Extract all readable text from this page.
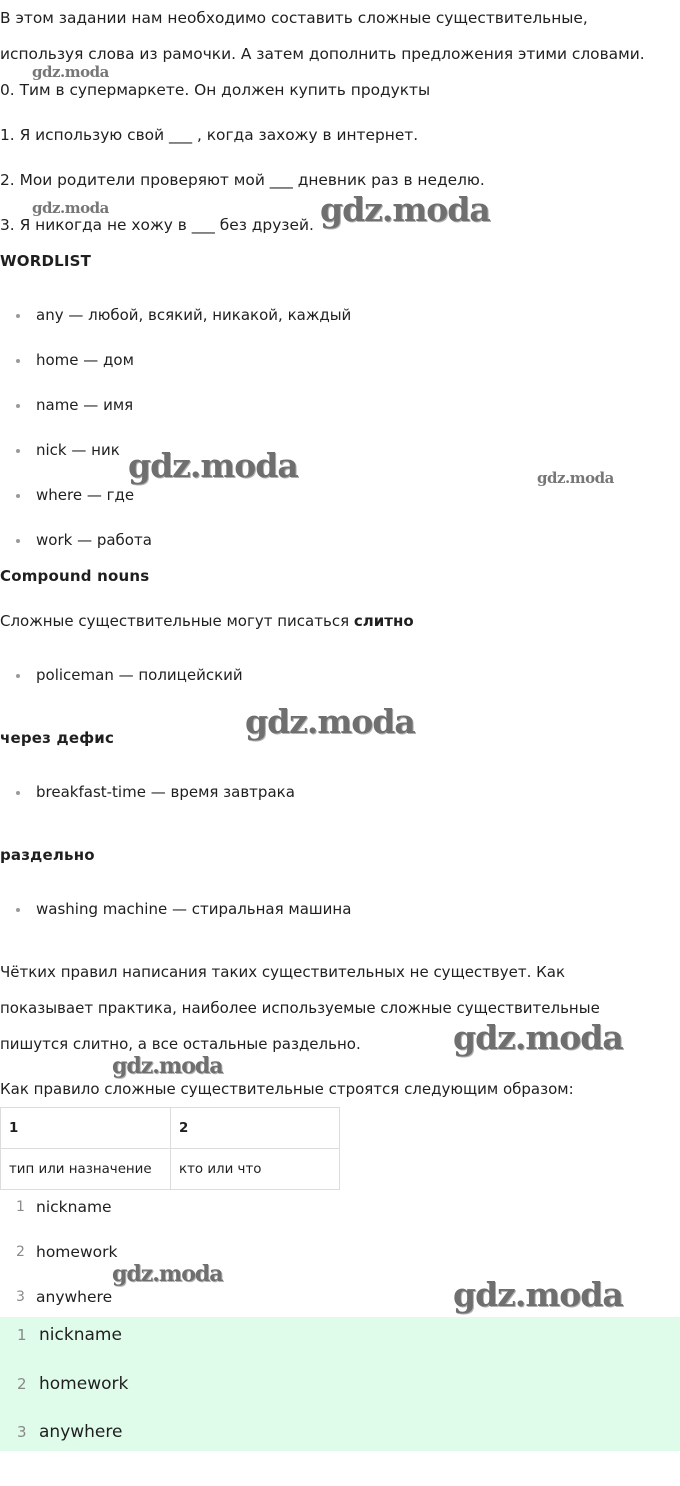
В этом задании нам необходимо составить сложные существительные,
используя слова из рамочки. А затем дополнить предложения этими словами.
0. Тим в супермаркете. Он должен купить продукты
1. Я использую свой ___ , когда захожу в интернет.
2. Мои родители проверяют мой ___ дневник раз в неделю.
3. Я никогда не хожу в ___ без друзей.
WORDLIST
any — любой, всякий, никакой, каждый
home — дом
name — имя
nick — ник
where — где
work — работа
Compound nouns
Сложные существительные могут писаться слитно
policeman — полицейский
через дефис
breakfast-time — время завтрака
раздельно
washing machine — стиральная машина
Чёткиx правил написания таких существительных не существует. Как
показывает практика, наиболее используемые сложные существительные
пишутся слитно, а все остальные раздельно.
Как правило сложные существительные строятся следующим образом:
1	2
тип или назначение	кто или что
1 nickname
2 homework
3 anywhere
1 nickname
2 homework
3 anywhere
gdz.moda
gdz.moda	gdz.moda
gdz.moda	gdz.moda
gdz.moda
gdz.moda
gdz.moda
gdz.moda
gdz.moda
